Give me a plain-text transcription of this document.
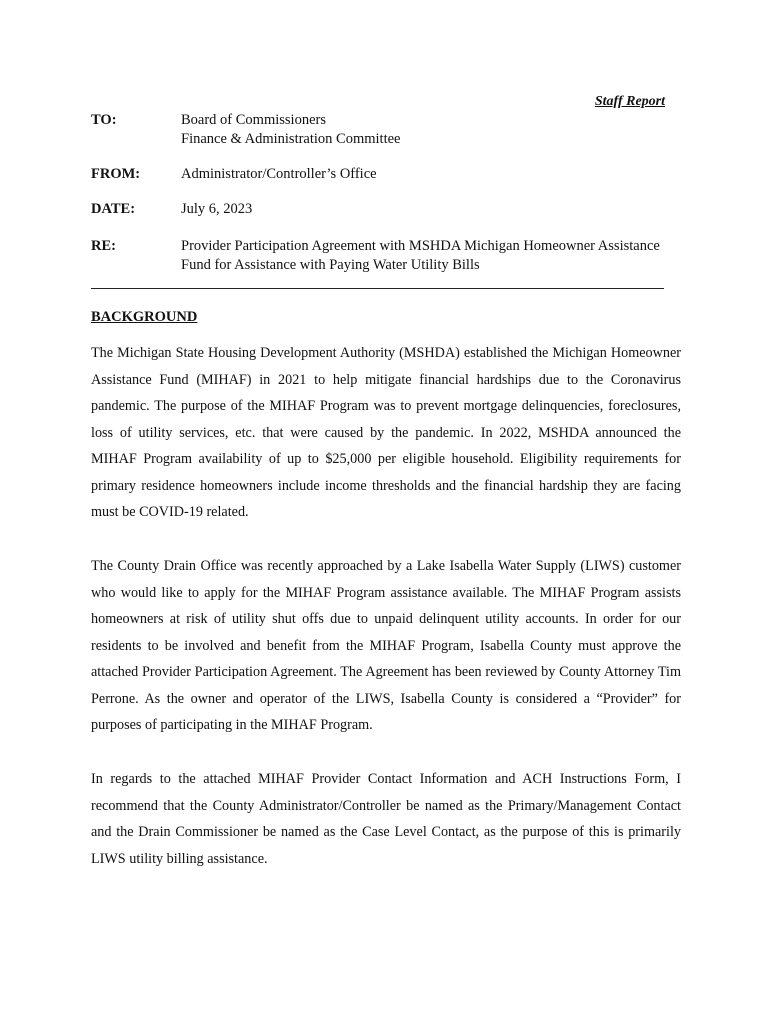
Staff Report
TO:	Board of Commissioners
Finance & Administration Committee
FROM:	Administrator/Controller’s Office
DATE:	July 6, 2023
RE:	Provider Participation Agreement with MSHDA Michigan Homeowner Assistance
Fund for Assistance with Paying Water Utility Bills
BACKGROUND
The Michigan State Housing Development Authority (MSHDA) established the Michigan Homeowner Assistance Fund (MIHAF) in 2021 to help mitigate financial hardships due to the Coronavirus pandemic. The purpose of the MIHAF Program was to prevent mortgage delinquencies, foreclosures, loss of utility services, etc. that were caused by the pandemic. In 2022, MSHDA announced the MIHAF Program availability of up to $25,000 per eligible household. Eligibility requirements for primary residence homeowners include income thresholds and the financial hardship they are facing must be COVID-19 related.
The County Drain Office was recently approached by a Lake Isabella Water Supply (LIWS) customer who would like to apply for the MIHAF Program assistance available. The MIHAF Program assists homeowners at risk of utility shut offs due to unpaid delinquent utility accounts. In order for our residents to be involved and benefit from the MIHAF Program, Isabella County must approve the attached Provider Participation Agreement. The Agreement has been reviewed by County Attorney Tim Perrone. As the owner and operator of the LIWS, Isabella County is considered a “Provider” for purposes of participating in the MIHAF Program.
In regards to the attached MIHAF Provider Contact Information and ACH Instructions Form, I recommend that the County Administrator/Controller be named as the Primary/Management Contact and the Drain Commissioner be named as the Case Level Contact, as the purpose of this is primarily LIWS utility billing assistance.
